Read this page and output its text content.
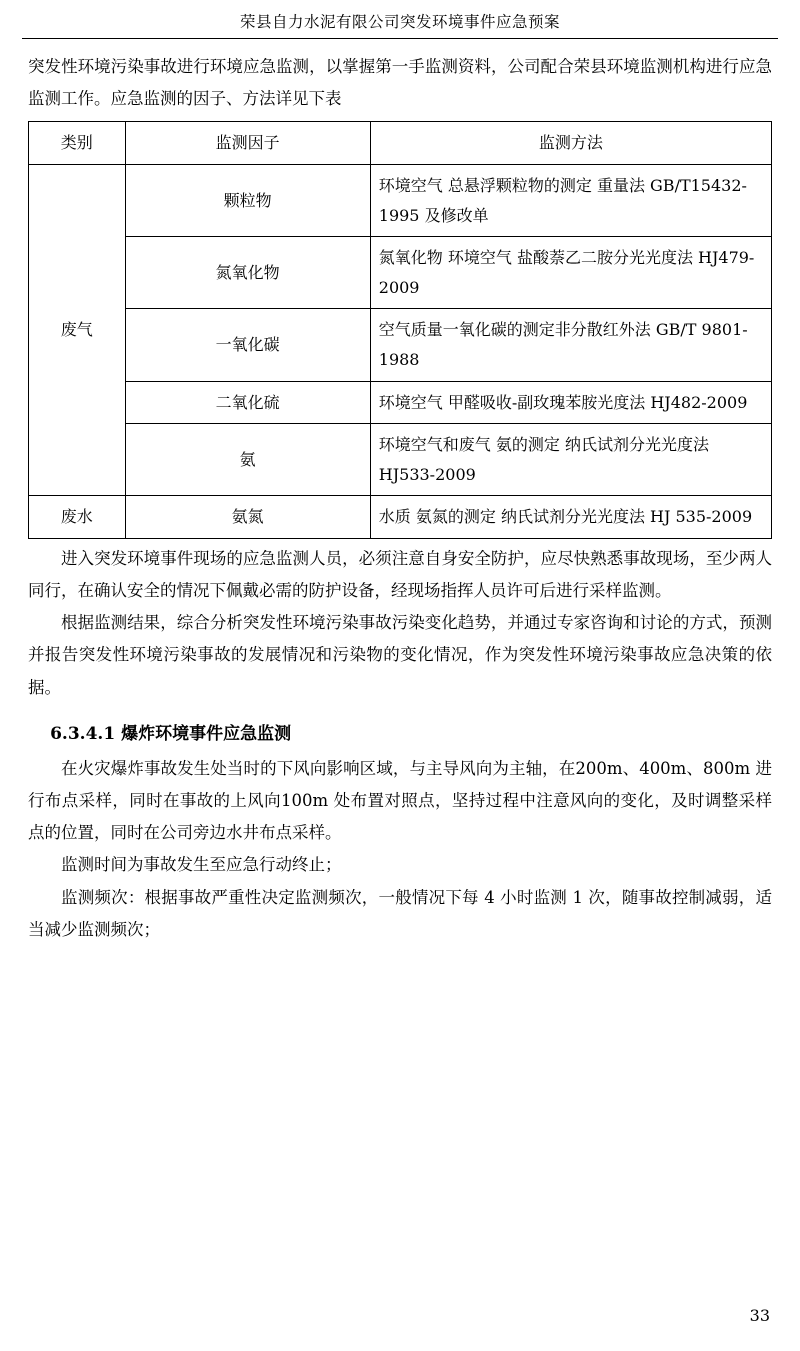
荣县自力水泥有限公司突发环境事件应急预案

突发性环境污染事故进行环境应急监测，以掌握第一手监测资料，公司配合荣县环境监测机构进行应急监测工作。应急监测的因子、方法详见下表

类别	监测因子	监测方法
废气	颗粒物	环境空气 总悬浮颗粒物的测定 重量法 GB/T15432-1995 及修改单
	氮氧化物	氮氧化物 环境空气 盐酸萘乙二胺分光光度法 HJ479-2009
	一氧化碳	空气质量一氧化碳的测定非分散红外法 GB/T 9801-1988
	二氧化硫	环境空气 甲醛吸收-副玫瑰苯胺光度法 HJ482-2009
	氨	环境空气和废气 氨的测定 纳氏试剂分光光度法 HJ533-2009
废水	氨氮	水质 氨氮的测定 纳氏试剂分光光度法 HJ 535-2009

进入突发环境事件现场的应急监测人员，必须注意自身安全防护，应尽快熟悉事故现场，至少两人同行，在确认安全的情况下佩戴必需的防护设备，经现场指挥人员许可后进行采样监测。

根据监测结果，综合分析突发性环境污染事故污染变化趋势，并通过专家咨询和讨论的方式，预测并报告突发性环境污染事故的发展情况和污染物的变化情况，作为突发性环境污染事故应急决策的依据。

6.3.4.1 爆炸环境事件应急监测

在火灾爆炸事故发生处当时的下风向影响区域，与主导风向为主轴，在200m、400m、800m 进行布点采样，同时在事故的上风向100m 处布置对照点，坚持过程中注意风向的变化，及时调整采样点的位置，同时在公司旁边水井布点采样。

监测时间为事故发生至应急行动终止；

监测频次：根据事故严重性决定监测频次，一般情况下每 4 小时监测 1 次，随事故控制减弱，适当减少监测频次；

33
